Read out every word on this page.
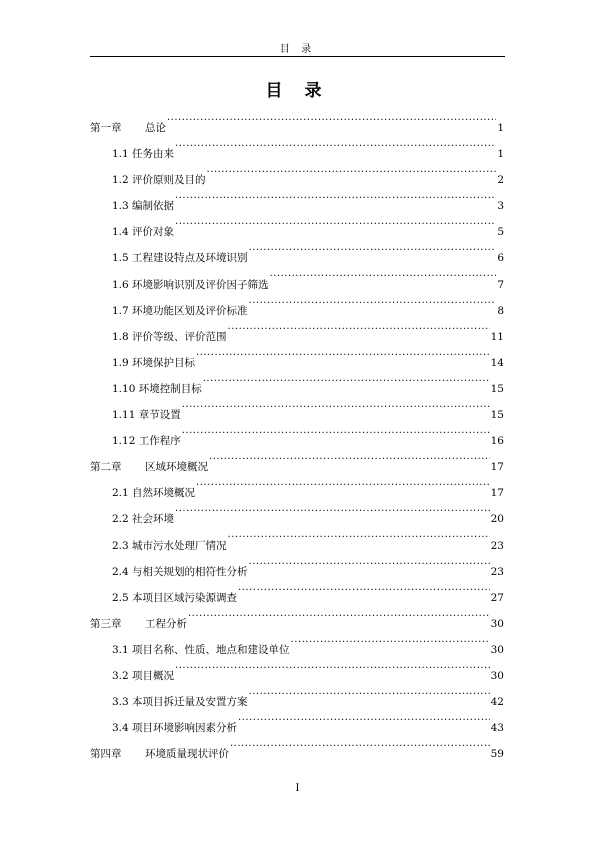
目 录
目 录
第一章	总论 .....	1
1.1 任务由来 .....	1
1.2 评价原则及目的 .....	2
1.3 编制依据 .....	3
1.4 评价对象 .....	5
1.5 工程建设特点及环境识别 .....	6
1.6 环境影响识别及评价因子筛选 .....	7
1.7 环境功能区划及评价标准 .....	8
1.8 评价等级、评价范围 .....	11
1.9 环境保护目标 .....	14
1.10 环境控制目标 .....	15
1.11 章节设置 .....	15
1.12 工作程序 .....	16
第二章	区域环境概况 .....	17
2.1 自然环境概况 .....	17
2.2 社会环境 .....	20
2.3 城市污水处理厂情况 .....	23
2.4 与相关规划的相符性分析 .....	23
2.5 本项目区域污染源调查 .....	27
第三章	工程分析 .....	30
3.1 项目名称、性质、地点和建设单位 .....	30
3.2 项目概况 .....	30
3.3 本项目拆迁量及安置方案 .....	42
3.4 项目环境影响因素分析 .....	43
第四章	环境质量现状评价 .....	59
I
